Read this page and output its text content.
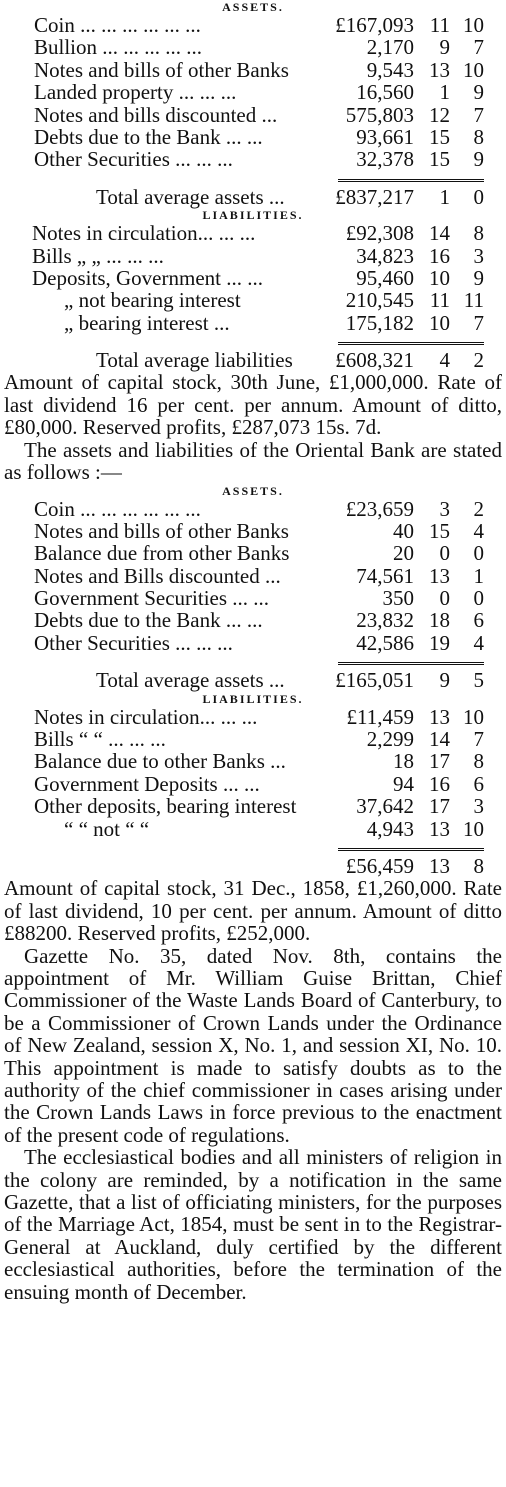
ASSETS.
Coin ... ... ... ... ... ...	£167,093 11 10
Bullion ... ... ... ... ...	2,170	9	7
Notes and bills of other Banks	9,543 13 10
Landed property ... ... ...	16,560	1	9
Notes and bills discounted ...	575,803 12	7
Debts due to the Bank ... ...	93,661 15	8
Other Securities ... ... ...	32,378 15	9
Total average assets ... £837,217	1	0
LIABILITIES.
Notes in circulation... ... ...	£92,308 14	8
Bills „ „ ... ... ...	34,823 16	3
Deposits, Government ... ...	95,460 10	9
„ not bearing interest	210,545 11 11
„ bearing interest ...	175,182 10	7
Total average liabilities £608,321	4	2

Amount of capital stock, 30th June, £1,000,000. Rate of last dividend 16 per cent. per annum. Amount of ditto, £80,000. Reserved profits, £287,073 15s. 7d.

The assets and liabilities of the Oriental Bank are stated as follows :—

ASSETS.
Coin ... ... ... ... ... ...	£23,659	3	2
Notes and bills of other Banks	40 15	4
Balance due from other Banks	20	0	0
Notes and Bills discounted ...	74,561 13	1
Government Securities ... ...	350	0	0
Debts due to the Bank ... ...	23,832 18	6
Other Securities ... ... ...	42,586 19	4
Total average assets ... £165,051	9	5
LIABILITIES.
Notes in circulation... ... ...	£11,459 13 10
Bills “ “ ... ... ...	2,299 14	7
Balance due to other Banks ...	18 17	8
Government Deposits ... ...	94 16	6
Other deposits, bearing interest	37,642 17	3
“ “ not “ “	4,943 13 10
£56,459 13	8

Amount of capital stock, 31 Dec., 1858, £1,260,000. Rate of last dividend, 10 per cent. per annum. Amount of ditto £88200. Reserved profits, £252,000.

Gazette No. 35, dated Nov. 8th, contains the appointment of Mr. William Guise Brittan, Chief Commissioner of the Waste Lands Board of Canterbury, to be a Commissioner of Crown Lands under the Ordinance of New Zealand, session X, No. 1, and session XI, No. 10. This appointment is made to satisfy doubts as to the authority of the chief commissioner in cases arising under the Crown Lands Laws in force previous to the enactment of the present code of regulations.

The ecclesiastical bodies and all ministers of religion in the colony are reminded, by a notification in the same Gazette, that a list of officiating ministers, for the purposes of the Marriage Act, 1854, must be sent in to the Registrar-General at Auckland, duly certified by the different ecclesiastical authorities, before the termination of the ensuing month of December.
